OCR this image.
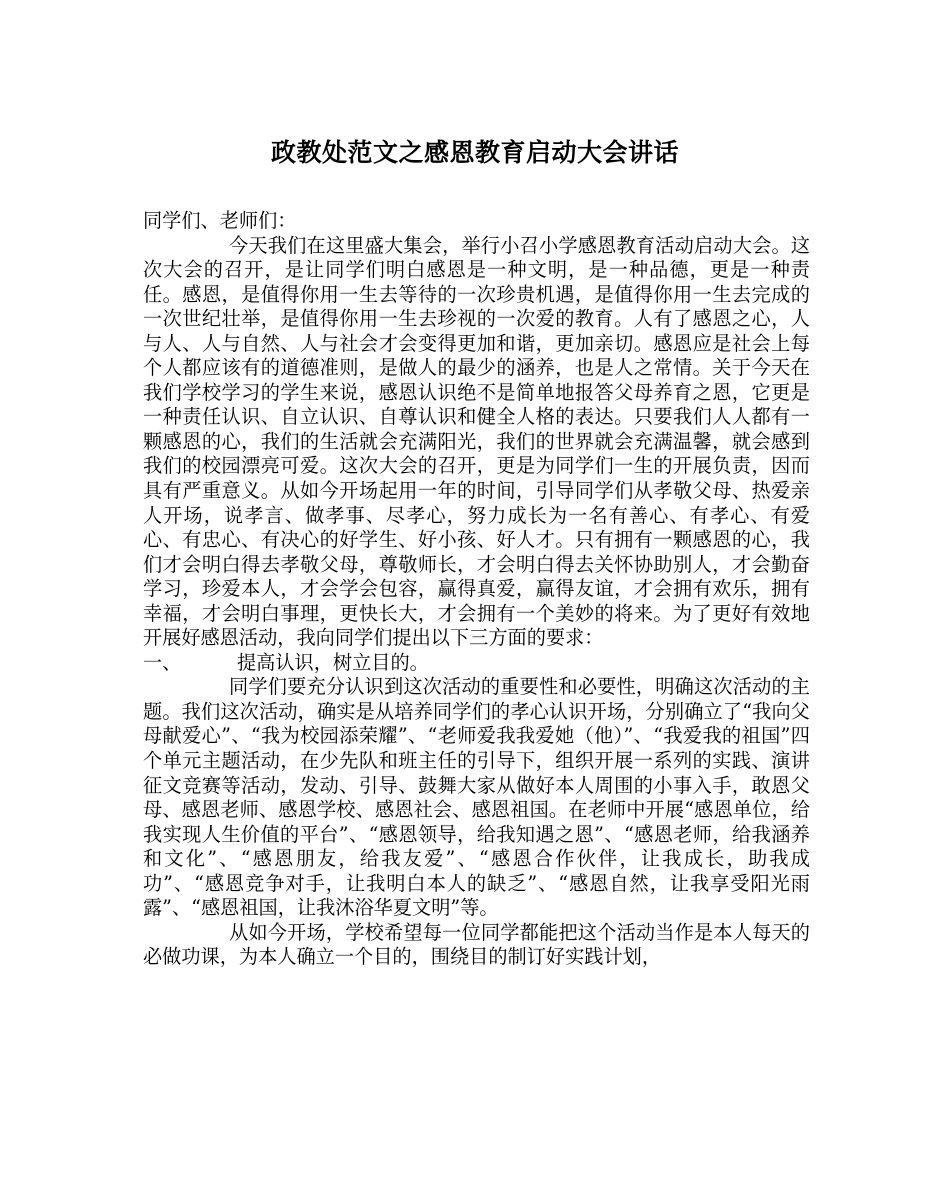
政教处范文之感恩教育启动大会讲话

同学们、老师们：

今天我们在这里盛大集会，举行小召小学感恩教育活动启动大会。这次大会的召开，是让同学们明白感恩是一种文明，是一种品德，更是一种责任。感恩，是值得你用一生去等待的一次珍贵机遇，是值得你用一生去完成的一次世纪壮举，是值得你用一生去珍视的一次爱的教育。人有了感恩之心，人与人、人与自然、人与社会才会变得更加和谐，更加亲切。感恩应是社会上每个人都应该有的道德准则，是做人的最少的涵养，也是人之常情。关于今天在我们学校学习的学生来说，感恩认识绝不是简单地报答父母养育之恩，它更是一种责任认识、自立认识、自尊认识和健全人格的表达。只要我们人人都有一颗感恩的心，我们的生活就会充满阳光，我们的世界就会充满温馨，就会感到我们的校园漂亮可爱。这次大会的召开，更是为同学们一生的开展负责，因而具有严重意义。从如今开场起用一年的时间，引导同学们从孝敬父母、热爱亲人开场，说孝言、做孝事、尽孝心，努力成长为一名有善心、有孝心、有爱心、有忠心、有决心的好学生、好小孩、好人才。只有拥有一颗感恩的心，我们才会明白得去孝敬父母，尊敬师长，才会明白得去关怀协助别人，才会勤奋学习，珍爱本人，才会学会包容，赢得真爱，赢得友谊，才会拥有欢乐，拥有幸福，才会明白事理，更快长大，才会拥有一个美妙的将来。为了更好有效地开展好感恩活动，我向同学们提出以下三方面的要求：

一、	提高认识，树立目的。

同学们要充分认识到这次活动的重要性和必要性，明确这次活动的主题。我们这次活动，确实是从培养同学们的孝心认识开场，分别确立了“我向父母献爱心”、“我为校园添荣耀”、“老师爱我我爱她（他）”、“我爱我的祖国”四个单元主题活动，在少先队和班主任的引导下，组织开展一系列的实践、演讲征文竞赛等活动，发动、引导、鼓舞大家从做好本人周围的小事入手，敢恩父母、感恩老师、感恩学校、感恩社会、感恩祖国。在老师中开展“感恩单位，给我实现人生价值的平台”、“感恩领导，给我知遇之恩”、“感恩老师，给我涵养和文化”、“感恩朋友，给我友爱”、“感恩合作伙伴，让我成长，助我成功”、“感恩竞争对手，让我明白本人的缺乏”、“感恩自然，让我享受阳光雨露”、“感恩祖国，让我沐浴华夏文明”等。

从如今开场，学校希望每一位同学都能把这个活动当作是本人每天的必做功课，为本人确立一个目的，围绕目的制订好实践计划，
